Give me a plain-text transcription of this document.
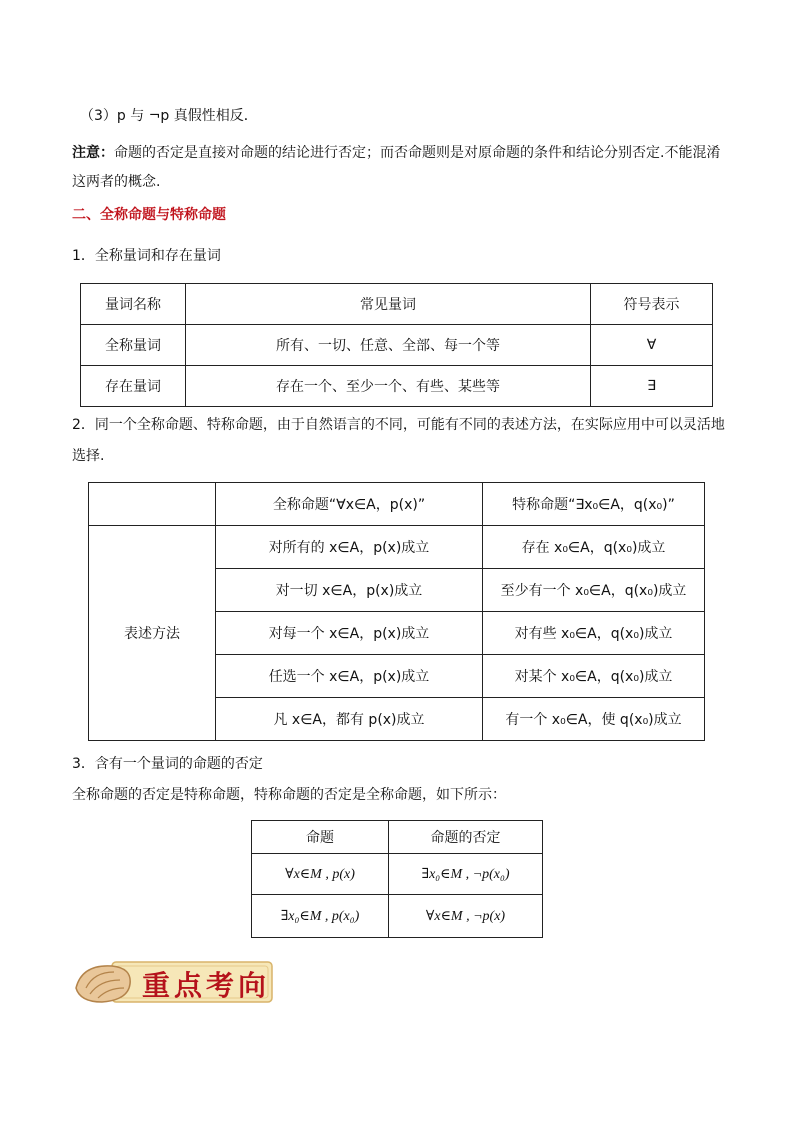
（3）p 与 ¬p 真假性相反．
注意：命题的否定是直接对命题的结论进行否定；而否命题则是对原命题的条件和结论分别否定.不能混淆
这两者的概念.
二、全称命题与特称命题
1．全称量词和存在量词
量词名称	常见量词	符号表示
全称量词	所有、一切、任意、全部、每一个等	∀
存在量词	存在一个、至少一个、有些、某些等	∃
2．同一个全称命题、特称命题，由于自然语言的不同，可能有不同的表述方法，在实际应用中可以灵活地
选择.
	全称命题“∀x∈A，p(x)”	特称命题“∃x₀∈A，q(x₀)”
表述方法	对所有的 x∈A，p(x)成立	存在 x₀∈A，q(x₀)成立
	对一切 x∈A，p(x)成立	至少有一个 x₀∈A，q(x₀)成立
	对每一个 x∈A，p(x)成立	对有些 x₀∈A，q(x₀)成立
	任选一个 x∈A，p(x)成立	对某个 x₀∈A，q(x₀)成立
	凡 x∈A，都有 p(x)成立	有一个 x₀∈A，使 q(x₀)成立
3．含有一个量词的命题的否定
全称命题的否定是特称命题，特称命题的否定是全称命题，如下所示：
命题	命题的否定
∀x∈M , p(x)	∃x₀∈M , ¬p(x₀)
∃x₀∈M , p(x₀)	∀x∈M , ¬p(x)
重点考向
